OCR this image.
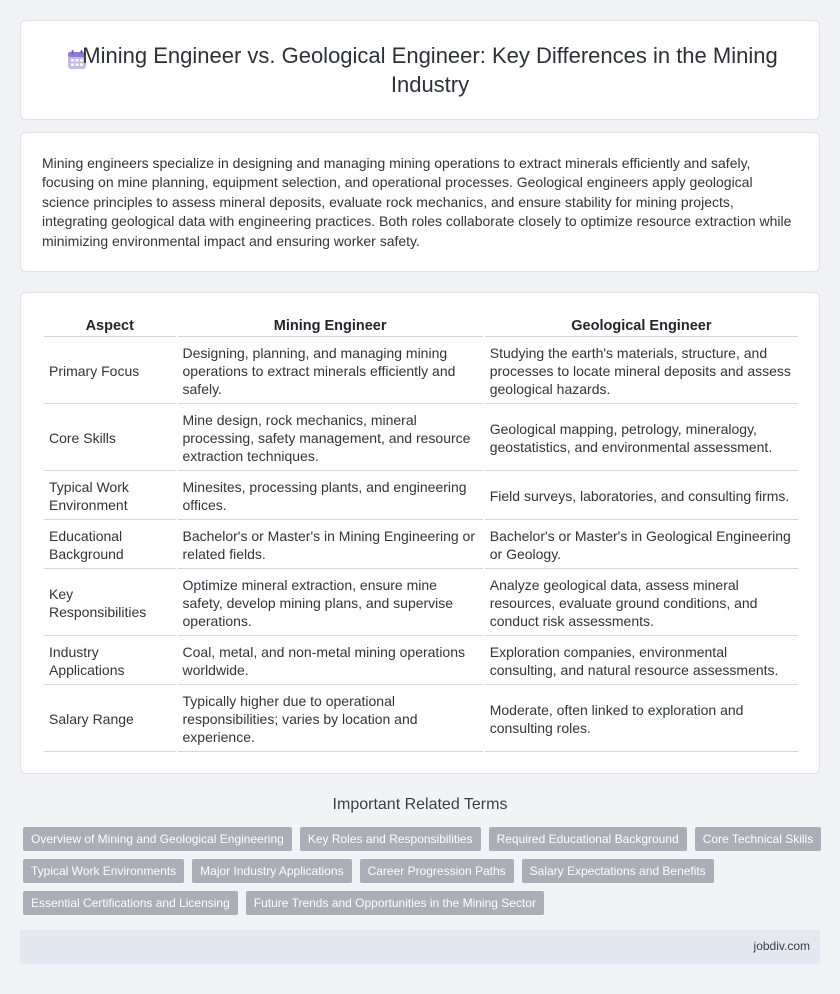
Mining Engineer vs. Geological Engineer: Key Differences in the Mining Industry

Mining engineers specialize in designing and managing mining operations to extract minerals efficiently and safely, focusing on mine planning, equipment selection, and operational processes. Geological engineers apply geological science principles to assess mineral deposits, evaluate rock mechanics, and ensure stability for mining projects, integrating geological data with engineering practices. Both roles collaborate closely to optimize resource extraction while minimizing environmental impact and ensuring worker safety.

Aspect	Mining Engineer	Geological Engineer
Primary Focus	Designing, planning, and managing mining operations to extract minerals efficiently and safely.	Studying the earth's materials, structure, and processes to locate mineral deposits and assess geological hazards.
Core Skills	Mine design, rock mechanics, mineral processing, safety management, and resource extraction techniques.	Geological mapping, petrology, mineralogy, geostatistics, and environmental assessment.
Typical Work Environment	Minesites, processing plants, and engineering offices.	Field surveys, laboratories, and consulting firms.
Educational Background	Bachelor's or Master's in Mining Engineering or related fields.	Bachelor's or Master's in Geological Engineering or Geology.
Key Responsibilities	Optimize mineral extraction, ensure mine safety, develop mining plans, and supervise operations.	Analyze geological data, assess mineral resources, evaluate ground conditions, and conduct risk assessments.
Industry Applications	Coal, metal, and non-metal mining operations worldwide.	Exploration companies, environmental consulting, and natural resource assessments.
Salary Range	Typically higher due to operational responsibilities; varies by location and experience.	Moderate, often linked to exploration and consulting roles.
Important Related Terms
Overview of Mining and Geological Engineering	Key Roles and Responsibilities	Required Educational Background	Core Technical Skills
Typical Work Environments	Major Industry Applications	Career Progression Paths	Salary Expectations and Benefits
Essential Certifications and Licensing	Future Trends and Opportunities in the Mining Sector
jobdiv.com
